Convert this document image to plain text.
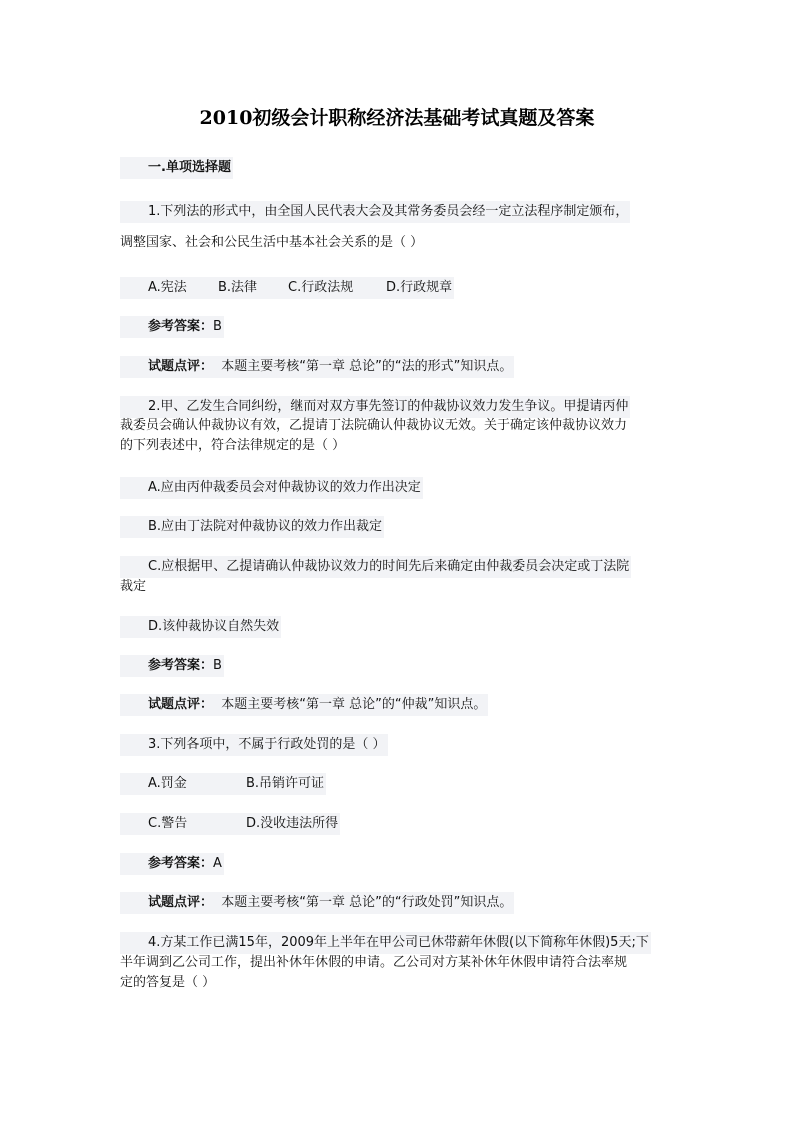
2010初级会计职称经济法基础考试真题及答案
一.单项选择题
1.下列法的形式中，由全国人民代表大会及其常务委员会经一定立法程序制定颁布，
调整国家、社会和公民生活中基本社会关系的是（ ）
A.宪法 B.法律 C.行政法规	D.行政规章
参考答案：B
试题点评： 本题主要考核“第一章 总论”的“法的形式”知识点。
2.甲、乙发生合同纠纷，继而对双方事先签订的仲裁协议效力发生争议。甲提请丙仲
裁委员会确认仲裁协议有效，乙提请丁法院确认仲裁协议无效。关于确定该仲裁协议效力
的下列表述中，符合法律规定的是（ ）
A.应由丙仲裁委员会对仲裁协议的效力作出决定
B.应由丁法院对仲裁协议的效力作出裁定
C.应根据甲、乙提请确认仲裁协议效力的时间先后来确定由仲裁委员会决定或丁法院
裁定
D.该仲裁协议自然失效
参考答案：B
试题点评： 本题主要考核“第一章 总论”的“仲裁”知识点。
3.下列各项中，不属于行政处罚的是（ ）
A.罚金	B.吊销许可证
C.警告	D.没收违法所得
参考答案：A
试题点评： 本题主要考核“第一章 总论”的“行政处罚”知识点。
4.方某工作已满15年，2009年上半年在甲公司已休带薪年休假(以下简称年休假)5天;下
半年调到乙公司工作，提出补休年休假的申请。乙公司对方某补休年休假申请符合法率规
定的答复是（ ）
